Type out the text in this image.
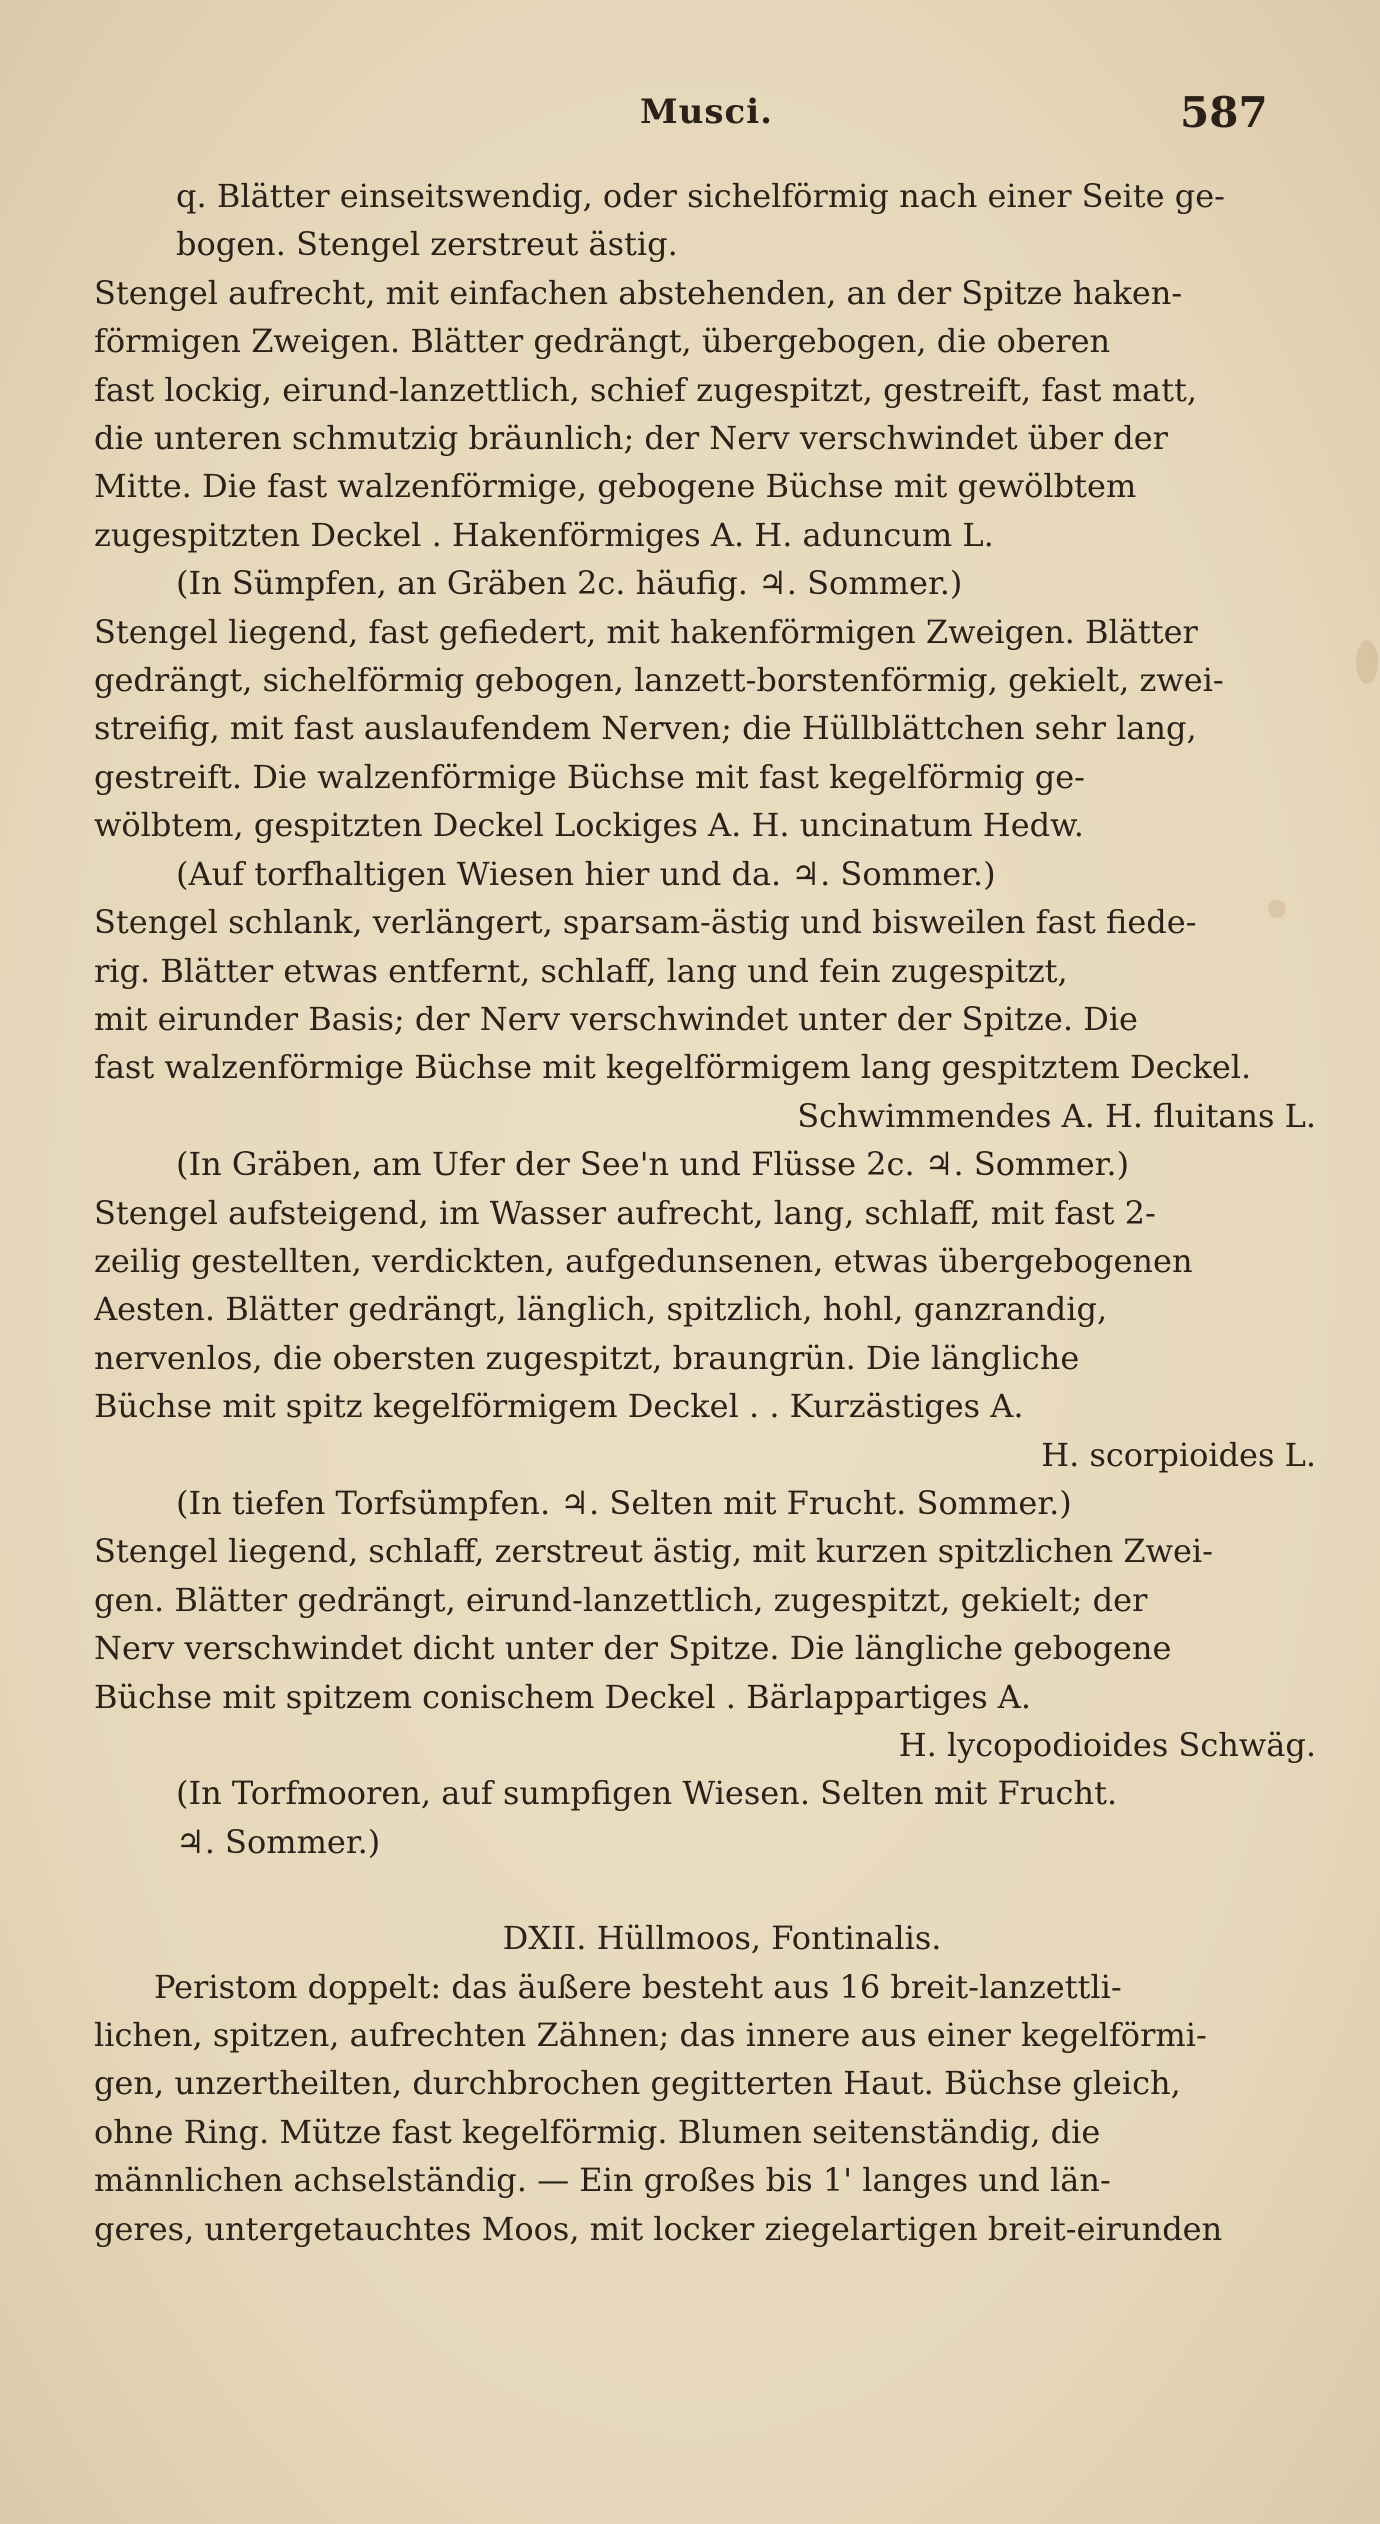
Musci.	587
q. Blätter einseitswendig, oder sichelförmig nach einer Seite ge-
bogen. Stengel zerstreut ästig.
Stengel aufrecht, mit einfachen abstehenden, an der Spitze haken-
förmigen Zweigen. Blätter gedrängt, übergebogen, die oberen
fast lockig, eirund-lanzettlich, schief zugespitzt, gestreift, fast matt,
die unteren schmutzig bräunlich; der Nerv verschwindet über der
Mitte. Die fast walzenförmige, gebogene Büchse mit gewölbtem
zugespitzten Deckel . Hakenförmiges A. H. aduncum L.
(In Sümpfen, an Gräben 2c. häufig. ♃. Sommer.)
Stengel liegend, fast gefiedert, mit hakenförmigen Zweigen. Blätter
gedrängt, sichelförmig gebogen, lanzett-borstenförmig, gekielt, zwei-
streifig, mit fast auslaufendem Nerven; die Hüllblättchen sehr lang,
gestreift. Die walzenförmige Büchse mit fast kegelförmig ge-
wölbtem, gespitzten Deckel Lockiges A. H. uncinatum Hedw.
(Auf torfhaltigen Wiesen hier und da. ♃. Sommer.)
Stengel schlank, verlängert, sparsam-ästig und bisweilen fast fiede-
rig. Blätter etwas entfernt, schlaff, lang und fein zugespitzt,
mit eirunder Basis; der Nerv verschwindet unter der Spitze. Die
fast walzenförmige Büchse mit kegelförmigem lang gespitztem Deckel.
Schwimmendes A. H. fluitans L.
(In Gräben, am Ufer der See'n und Flüsse 2c. ♃. Sommer.)
Stengel aufsteigend, im Wasser aufrecht, lang, schlaff, mit fast 2-
zeilig gestellten, verdickten, aufgedunsenen, etwas übergebogenen
Aesten. Blätter gedrängt, länglich, spitzlich, hohl, ganzrandig,
nervenlos, die obersten zugespitzt, braungrün. Die längliche
Büchse mit spitz kegelförmigem Deckel . . Kurzästiges A.
H. scorpioides L.
(In tiefen Torfsümpfen. ♃. Selten mit Frucht. Sommer.)
Stengel liegend, schlaff, zerstreut ästig, mit kurzen spitzlichen Zwei-
gen. Blätter gedrängt, eirund-lanzettlich, zugespitzt, gekielt; der
Nerv verschwindet dicht unter der Spitze. Die längliche gebogene
Büchse mit spitzem conischem Deckel . Bärlappartiges A.
H. lycopodioides Schwäg.
(In Torfmooren, auf sumpfigen Wiesen. Selten mit Frucht.
♃. Sommer.)
DXII. Hüllmoos, Fontinalis.
Peristom doppelt: das äußere besteht aus 16 breit-lanzettli-
lichen, spitzen, aufrechten Zähnen; das innere aus einer kegelförmi-
gen, unzertheilten, durchbrochen gegitterten Haut. Büchse gleich,
ohne Ring. Mütze fast kegelförmig. Blumen seitenständig, die
männlichen achselständig. — Ein großes bis 1' langes und län-
geres, untergetauchtes Moos, mit locker ziegelartigen breit-eirunden
